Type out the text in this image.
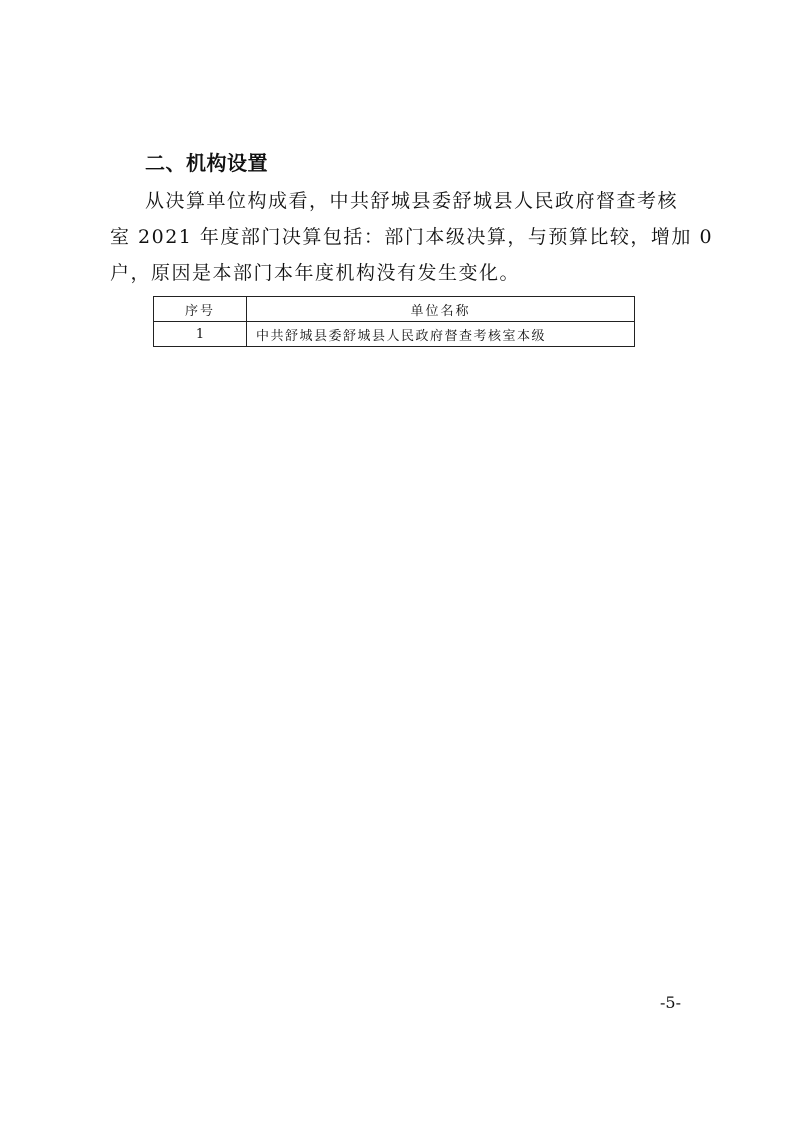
二、机构设置
从决算单位构成看，中共舒城县委舒城县人民政府督查考核
室 2021 年度部门决算包括：部门本级决算，与预算比较，增加 0
户，原因是本部门本年度机构没有发生变化。
序号	单位名称
1	中共舒城县委舒城县人民政府督查考核室本级
-5-
